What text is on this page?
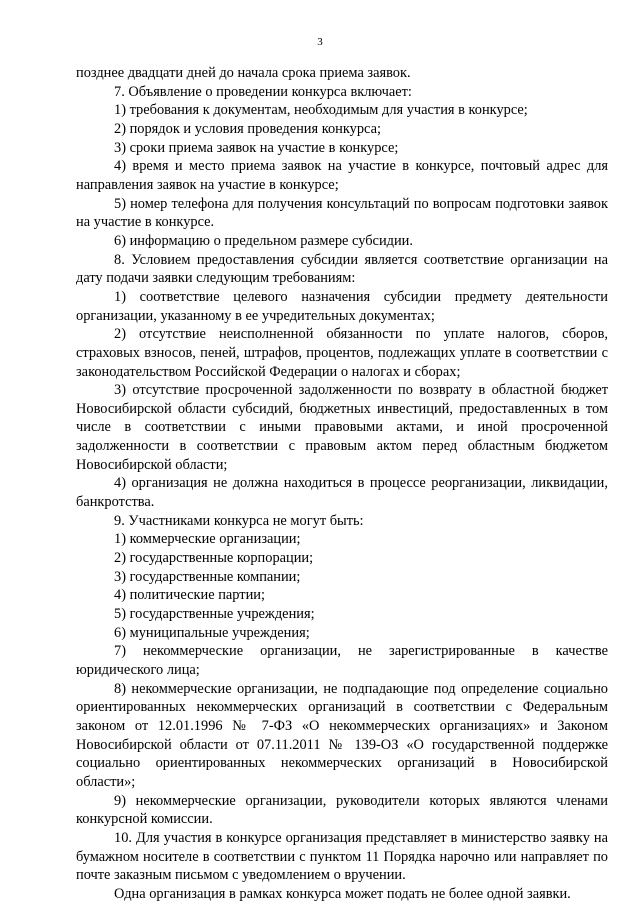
3

позднее двадцати дней до начала срока приема заявок.

7. Объявление о проведении конкурса включает:

1) требования к документам, необходимым для участия в конкурсе;

2) порядок и условия проведения конкурса;

3) сроки приема заявок на участие в конкурсе;

4) время и место приема заявок на участие в конкурсе, почтовый адрес для направления заявок на участие в конкурсе;

5) номер телефона для получения консультаций по вопросам подготовки заявок на участие в конкурсе.

6) информацию о предельном размере субсидии.

8. Условием предоставления субсидии является соответствие организации на дату подачи заявки следующим требованиям:

1) соответствие целевого назначения субсидии предмету деятельности организации, указанному в ее учредительных документах;

2) отсутствие неисполненной обязанности по уплате налогов, сборов, страховых взносов, пеней, штрафов, процентов, подлежащих уплате в соответствии с законодательством Российской Федерации о налогах и сборах;

3) отсутствие просроченной задолженности по возврату в областной бюджет Новосибирской области субсидий, бюджетных инвестиций, предоставленных в том числе в соответствии с иными правовыми актами, и иной просроченной задолженности в соответствии с правовым актом перед областным бюджетом Новосибирской области;

4) организация не должна находиться в процессе реорганизации, ликвидации, банкротства.

9. Участниками конкурса не могут быть:

1) коммерческие организации;

2) государственные корпорации;

3) государственные компании;

4) политические партии;

5) государственные учреждения;

6) муниципальные учреждения;

7) некоммерческие организации, не зарегистрированные в качестве юридического лица;

8) некоммерческие организации, не подпадающие под определение социально ориентированных некоммерческих организаций в соответствии с Федеральным законом от 12.01.1996 № 7-ФЗ «О некоммерческих организациях» и Законом Новосибирской области от 07.11.2011 № 139-ОЗ «О государственной поддержке социально ориентированных некоммерческих организаций в Новосибирской области»;

9) некоммерческие организации, руководители которых являются членами конкурсной комиссии.

10. Для участия в конкурсе организация представляет в министерство заявку на бумажном носителе в соответствии с пунктом 11 Порядка нарочно или направляет по почте заказным письмом с уведомлением о вручении.

Одна организация в рамках конкурса может подать не более одной заявки.
